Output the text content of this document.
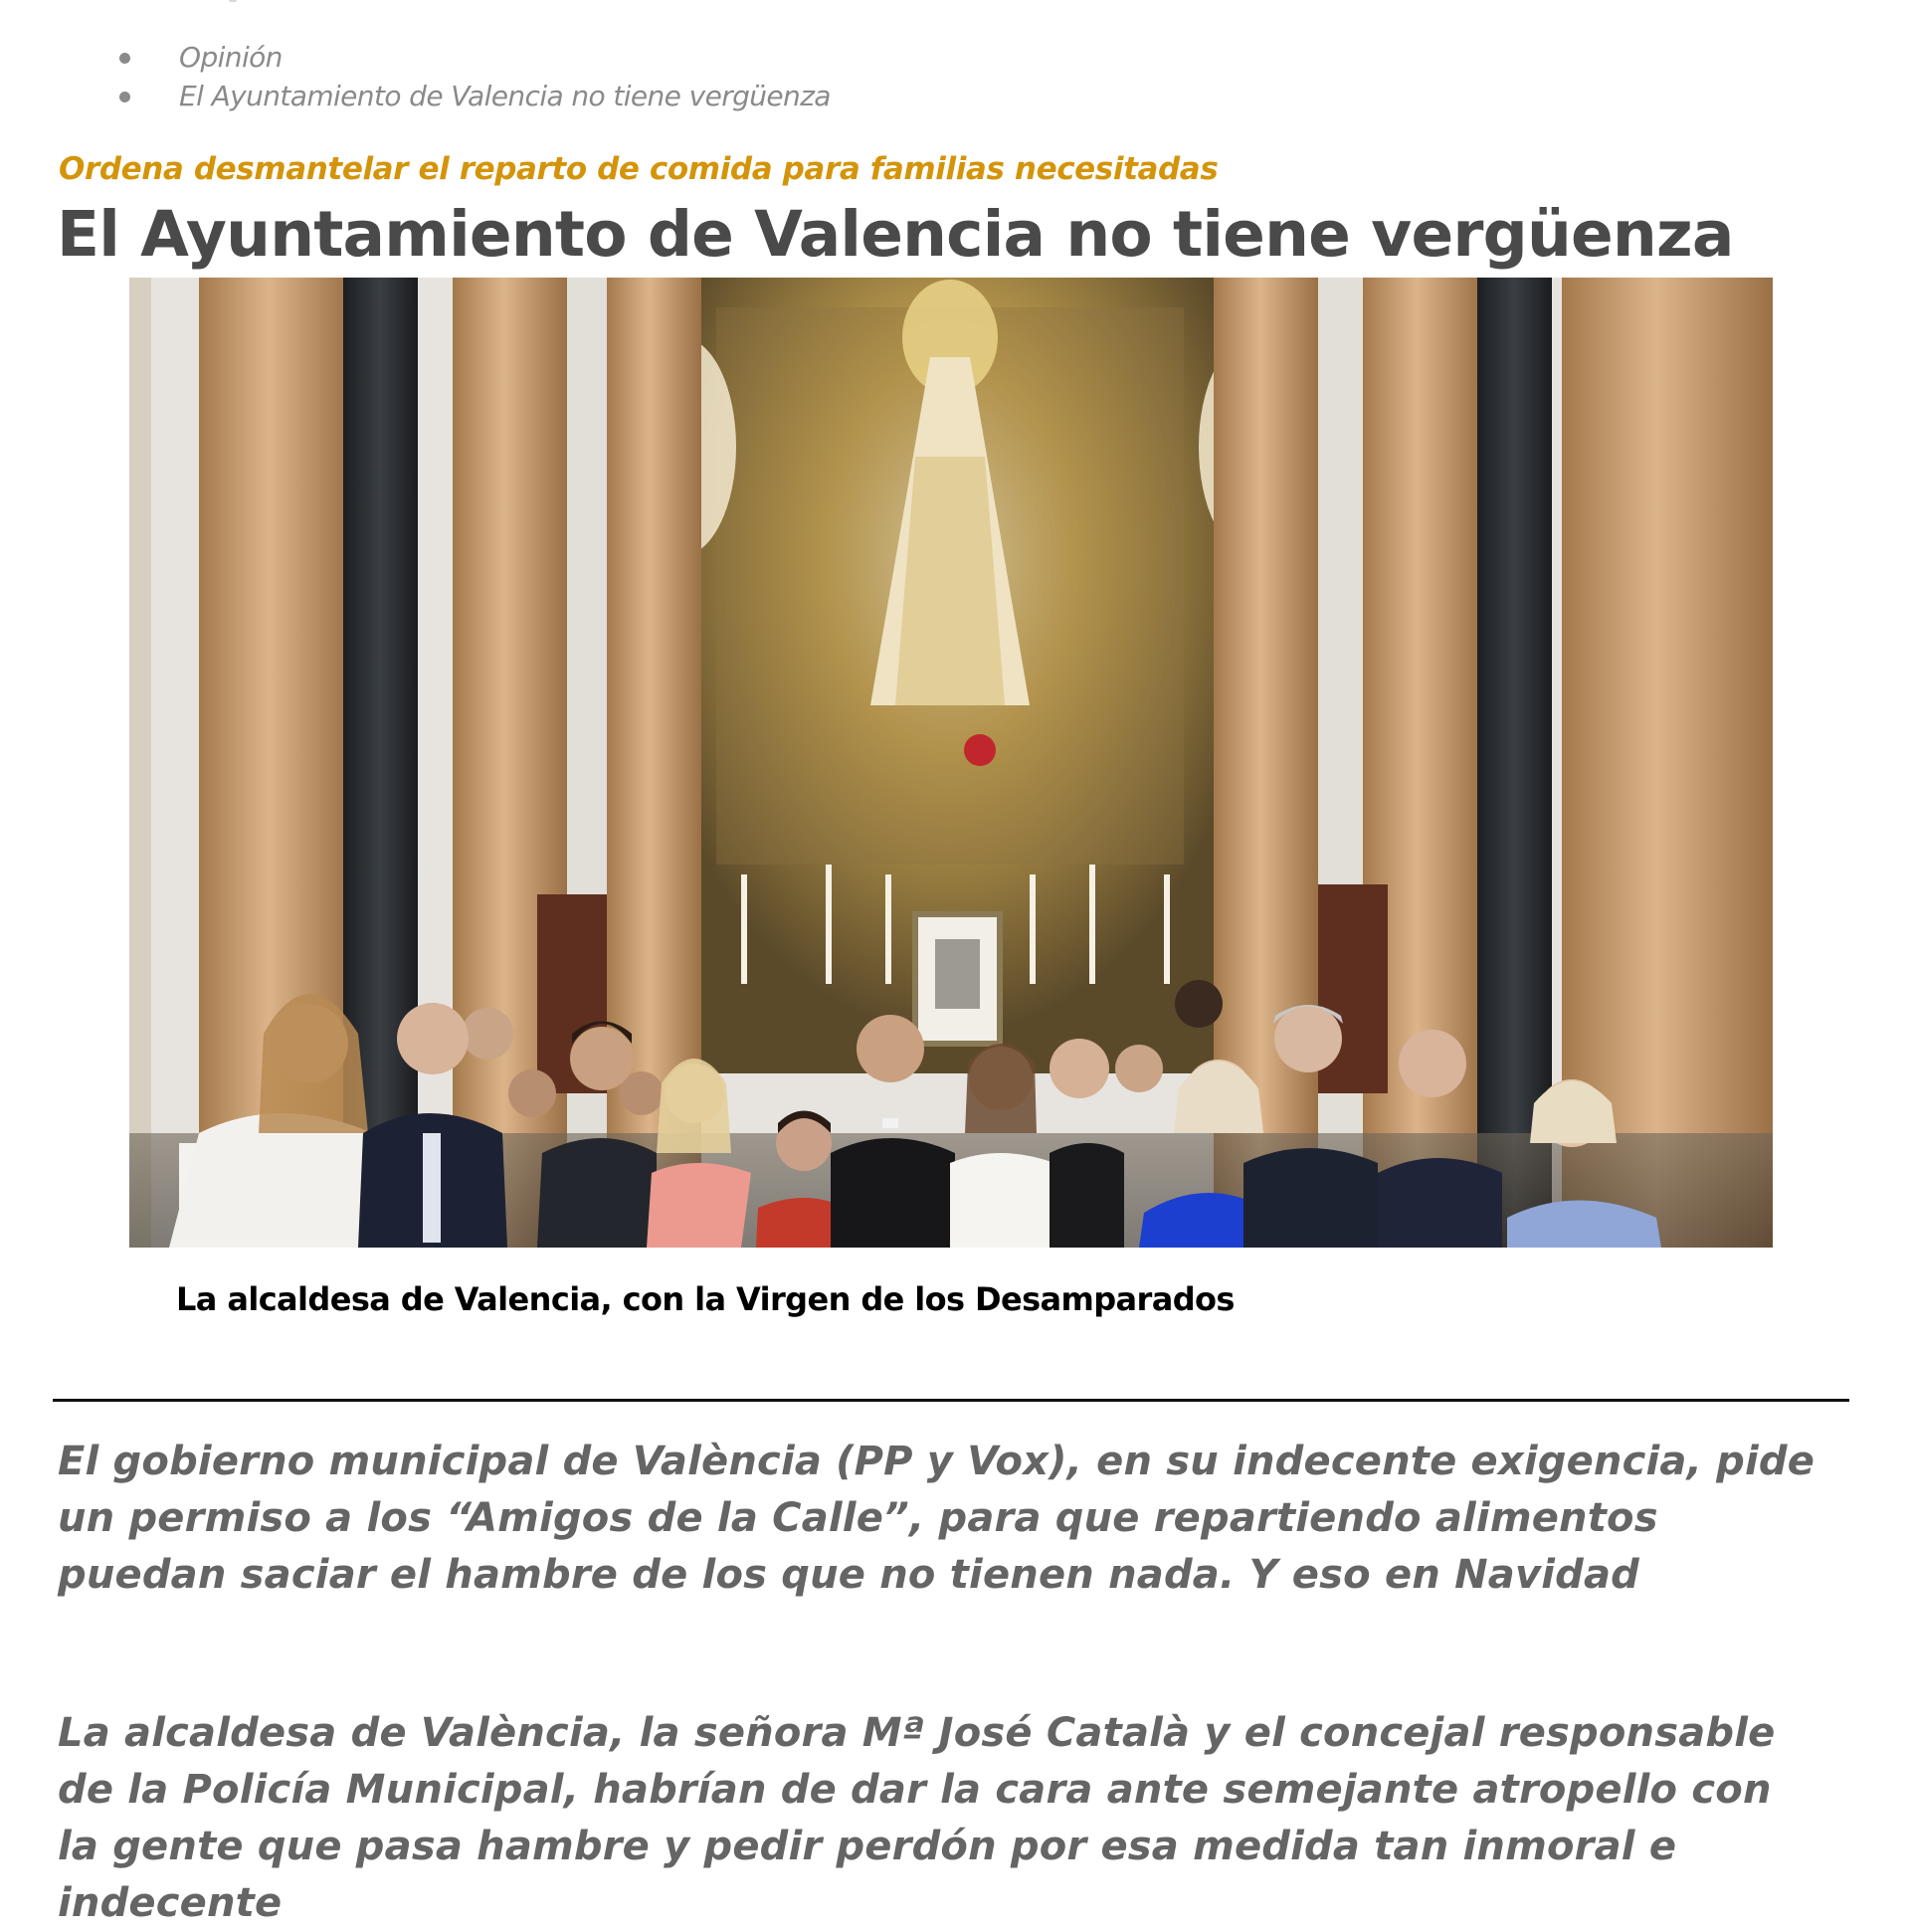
Opinión
El Ayuntamiento de Valencia no tiene vergüenza
Ordena desmantelar el reparto de comida para familias necesitadas
El Ayuntamiento de Valencia no tiene vergüenza
La alcaldesa de Valencia, con la Virgen de los Desamparados

El gobierno municipal de València (PP y Vox), en su indecente exigencia, pide
un permiso a los “Amigos de la Calle”, para que repartiendo alimentos
puedan saciar el hambre de los que no tienen nada. Y eso en Navidad

La alcaldesa de València, la señora Mª José Català y el concejal responsable
de la Policía Municipal, habrían de dar la cara ante semejante atropello con
la gente que pasa hambre y pedir perdón por esa medida tan inmoral e
indecente
